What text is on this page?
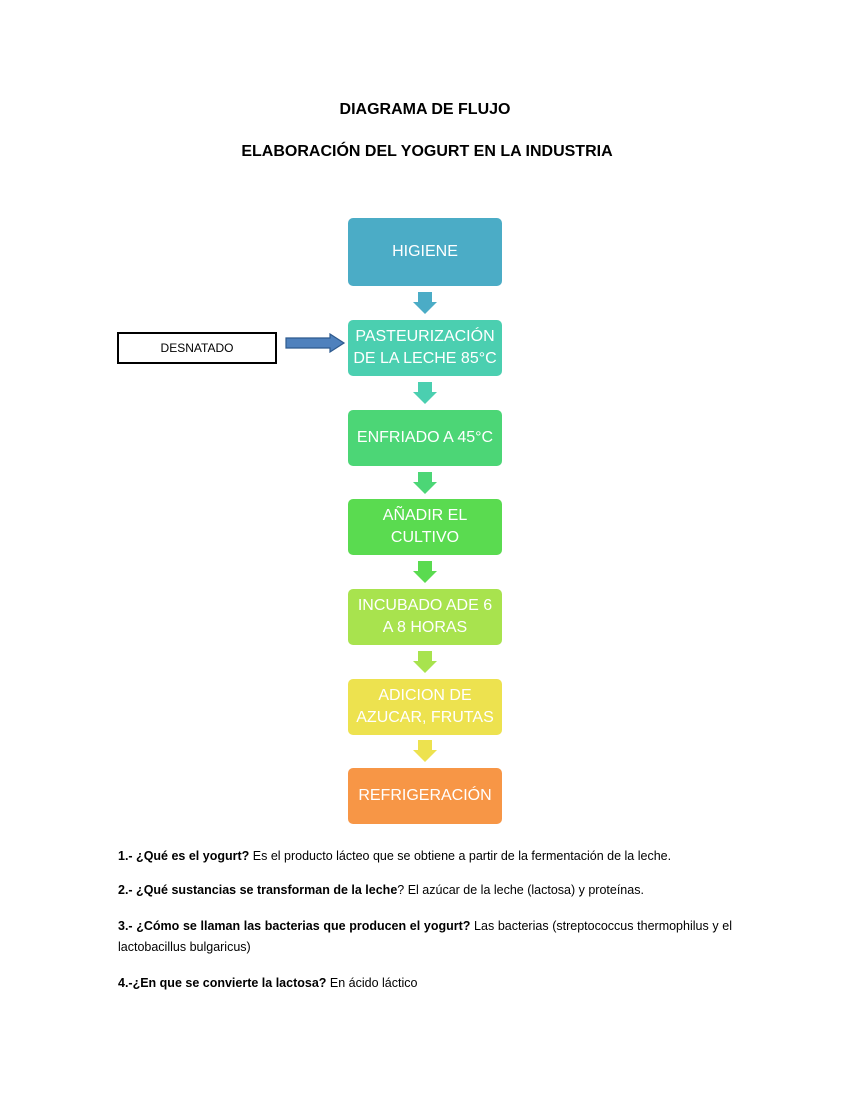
DIAGRAMA DE FLUJO
ELABORACIÓN DEL YOGURT EN LA INDUSTRIA
HIGIENE
PASTEURIZACIÓN
DE LA LECHE 85°C
ENFRIADO A 45°C
AÑADIR EL
CULTIVO
INCUBADO ADE 6
A 8 HORAS
ADICION DE
AZUCAR, FRUTAS
REFRIGERACIÓN
DESNATADO
1.- ¿Qué es el yogurt? Es el producto lácteo que se obtiene a partir de la fermentación de la leche.
2.- ¿Qué sustancias se transforman de la leche? El azúcar de la leche (lactosa) y proteínas.
3.- ¿Cómo se llaman las bacterias que producen el yogurt? Las bacterias (streptococcus thermophilus y el lactobacillus bulgaricus)
4.-¿En que se convierte la lactosa? En ácido láctico
